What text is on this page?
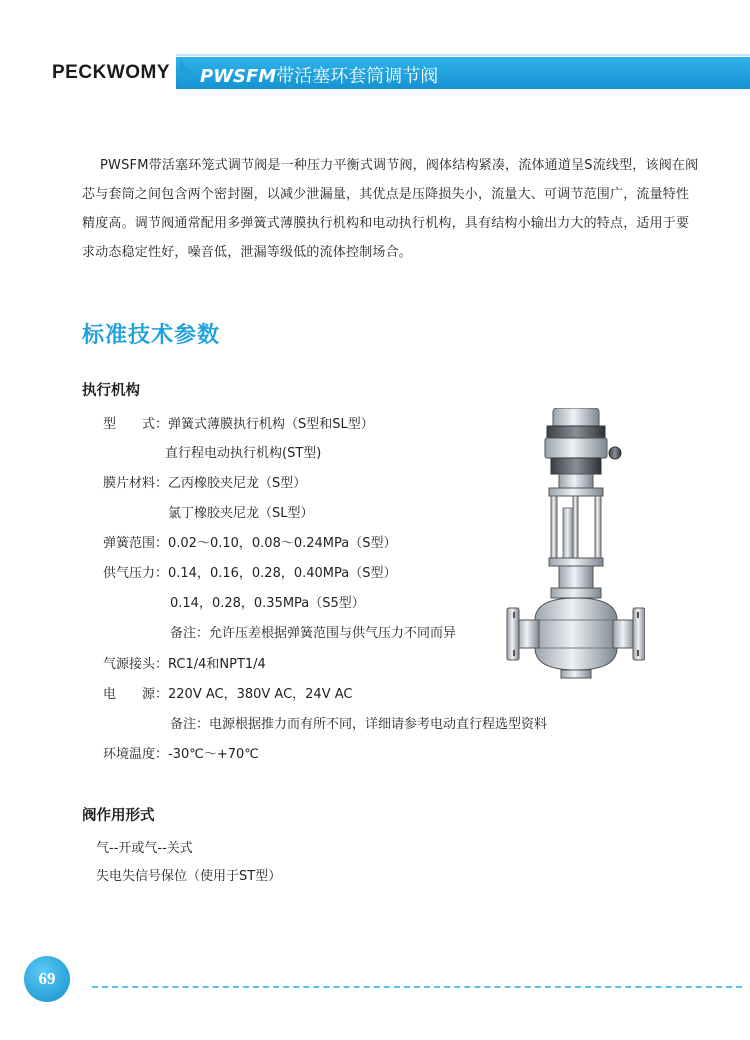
PECKWOMY PWSFM带活塞环套筒调节阀

PWSFM带活塞环笼式调节阀是一种压力平衡式调节阀，阀体结构紧凑，流体通道呈S流线型，该阀在阀芯与套筒之间包含两个密封圈，以减少泄漏量，其优点是压降损失小，流量大、可调节范围广，流量特性精度高。调节阀通常配用多弹簧式薄膜执行机构和电动执行机构，具有结构小输出力大的特点，适用于要求动态稳定性好，噪音低，泄漏等级低的流体控制场合。

标准技术参数
执行机构
型　　式：弹簧式薄膜执行机构（S型和SL型）
直行程电动执行机构(ST型)
膜片材料：乙丙橡胶夹尼龙（S型）
氯丁橡胶夹尼龙（SL型）
弹簧范围：0.02～0.10，0.08～0.24MPa（S型）
供气压力：0.14，0.16，0.28，0.40MPa（S型）
0.14，0.28，0.35MPa（S5型）
备注：允许压差根据弹簧范围与供气压力不同而异
气源接头：RC1/4和NPT1/4
电　　源：220V AC，380V AC，24V AC
备注：电源根据推力而有所不同，详细请参考电动直行程选型资料
环境温度：-30℃～+70℃
阀作用形式
气--开或气--关式
失电失信号保位（使用于ST型）
69
